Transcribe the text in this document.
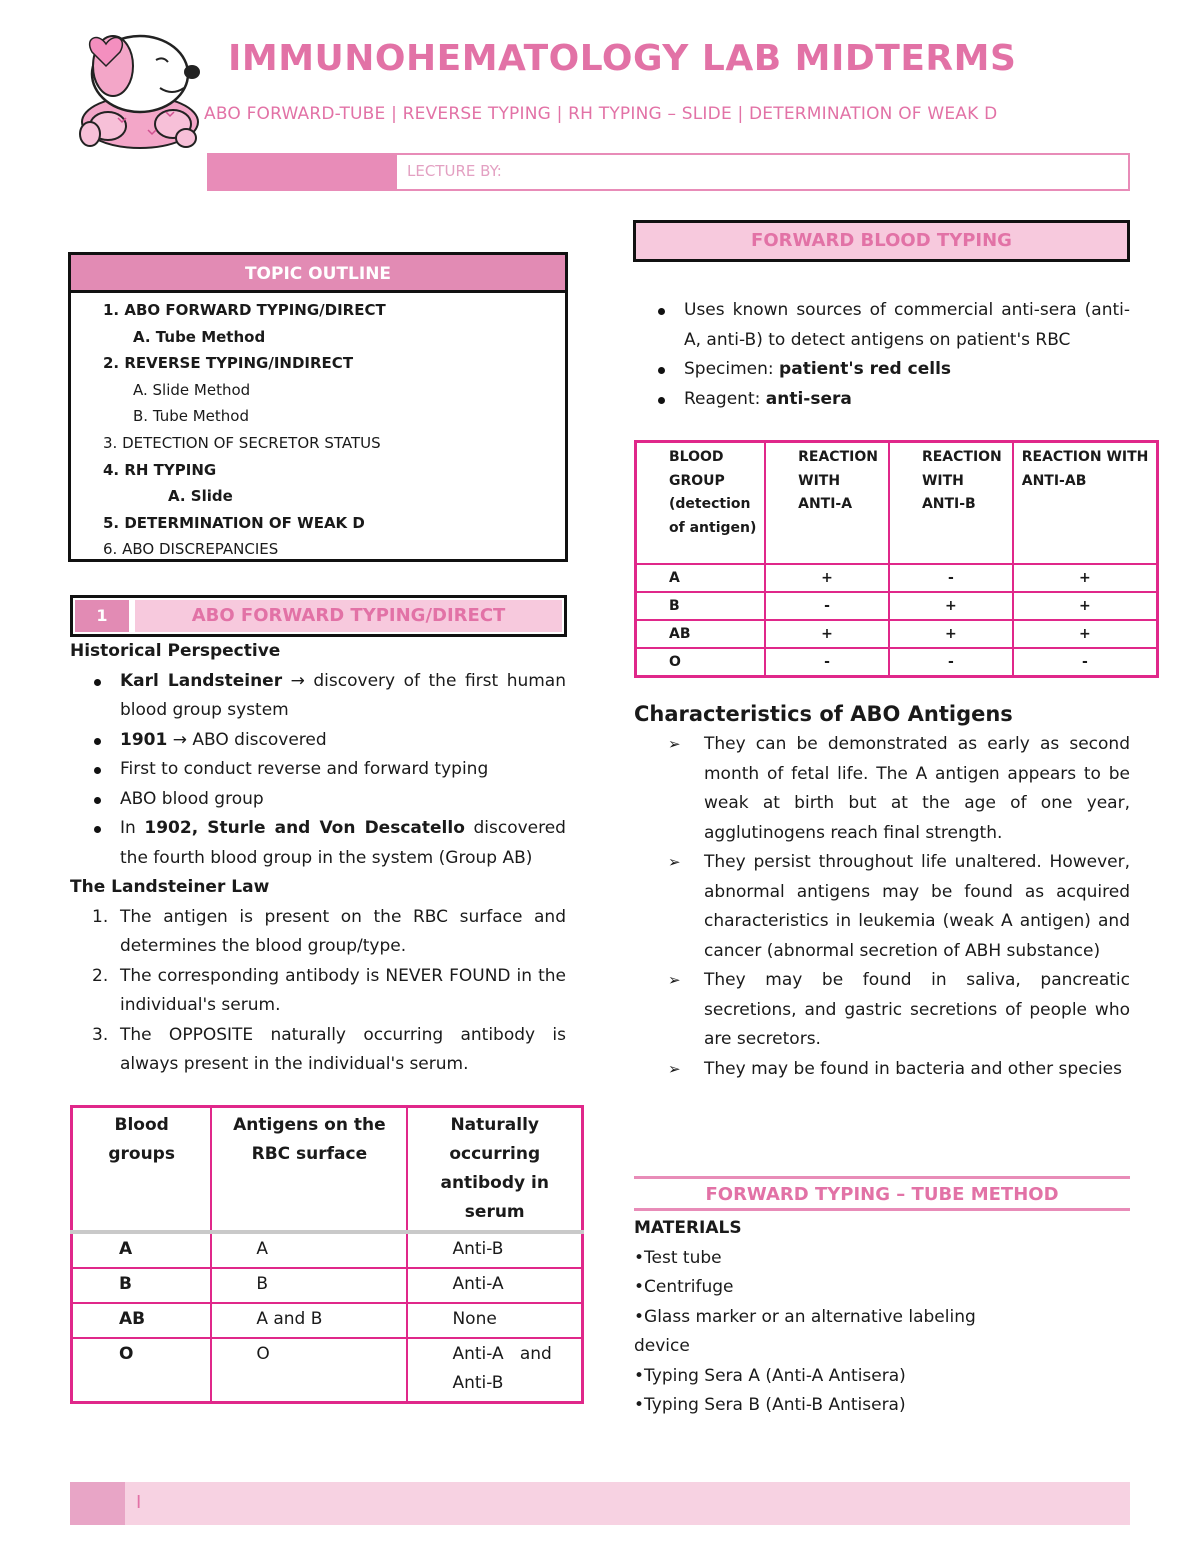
IMMUNOHEMATOLOGY LAB MIDTERMS
ABO FORWARD-TUBE | REVERSE TYPING | RH TYPING – SLIDE | DETERMINATION OF WEAK D
LECTURE BY:
TOPIC OUTLINE
1. ABO FORWARD TYPING/DIRECT
A. Tube Method
2. REVERSE TYPING/INDIRECT
A. Slide Method
B. Tube Method
3. DETECTION OF SECRETOR STATUS
4. RH TYPING
A. Slide
5. DETERMINATION OF WEAK D
6. ABO DISCREPANCIES
1	ABO FORWARD TYPING/DIRECT
Historical Perspective
Karl Landsteiner → discovery of the first human blood group system
1901 → ABO discovered
First to conduct reverse and forward typing
ABO blood group
In 1902, Sturle and Von Descatello discovered the fourth blood group in the system (Group AB)
The Landsteiner Law
1. The antigen is present on the RBC surface and determines the blood group/type.
2. The corresponding antibody is NEVER FOUND in the individual's serum.
3. The OPPOSITE naturally occurring antibody is always present in the individual's serum.
Blood groups	Antigens on the RBC surface	Naturally occurring antibody in serum
A	A	Anti-B
B	B	Anti-A
AB	A and B	None
O	O	Anti-A   and Anti-B
FORWARD BLOOD TYPING
Uses known sources of commercial anti-sera (anti-A, anti-B) to detect antigens on patient's RBC
Specimen: patient's red cells
Reagent: anti-sera
BLOOD GROUP (detection of antigen)	REACTION WITH ANTI-A	REACTION WITH ANTI-B	REACTION WITH ANTI-AB
A	+	-	+
B	-	+	+
AB	+	+	+
O	-	-	-
Characteristics of ABO Antigens
➢ They can be demonstrated as early as second month of fetal life. The A antigen appears to be weak at birth but at the age of one year, agglutinogens reach final strength.
➢ They persist throughout life unaltered. However, abnormal antigens may be found as acquired characteristics in leukemia (weak A antigen) and cancer (abnormal secretion of ABH substance)
➢ They may be found in saliva, pancreatic secretions, and gastric secretions of people who are secretors.
➢ They may be found in bacteria and other species
FORWARD TYPING – TUBE METHOD
MATERIALS
•Test tube
•Centrifuge
•Glass marker or an alternative labeling device
•Typing Sera A (Anti-A Antisera)
•Typing Sera B (Anti-B Antisera)
I
